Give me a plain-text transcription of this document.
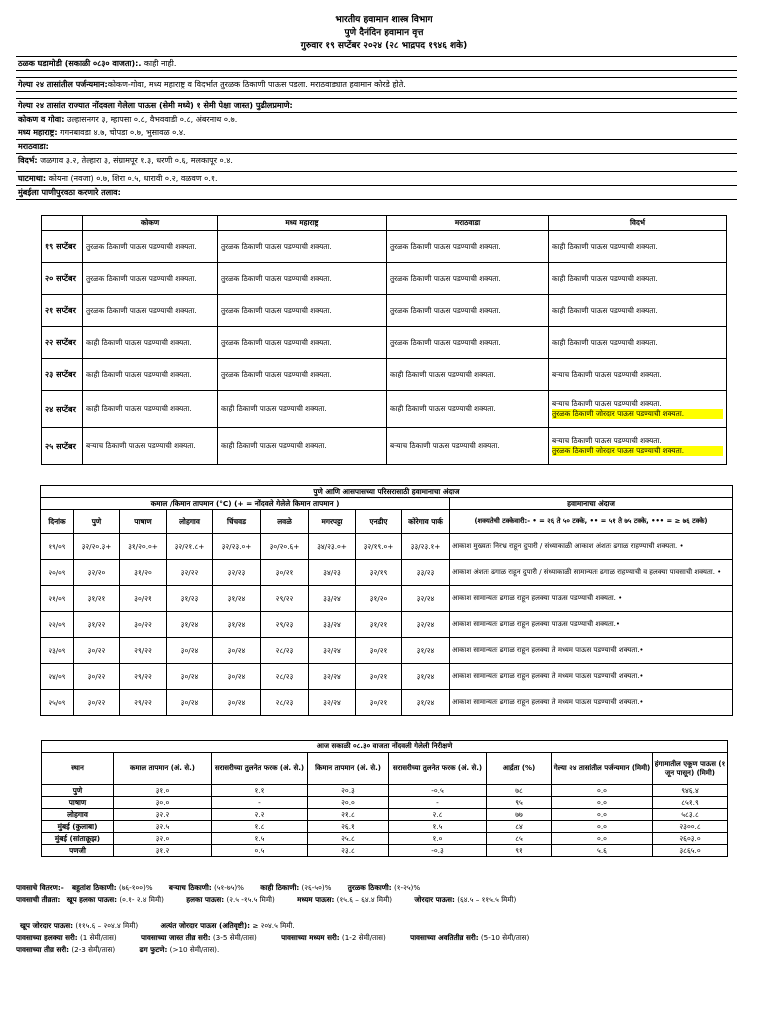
भारतीय हवामान शास्त्र विभाग
पुणे दैनंदिन हवामान वृत्त
गुरुवार १९ सप्टेंबर २०२४ (२८ भाद्रपद १९४६ शके)
ठळक घडामोडी (सकाळी ०८३० वाजता):. काही नाही.
गेल्या २४ तासांतील पर्जन्यमान:कोकण-गोवा, मध्य महाराष्ट्र व विदर्भात तुरळक ठिकाणी पाऊस पडला. मराठवाड्यात हवामान कोरडे होते.
गेल्या २४ तासांत राज्यात नोंदवला गेलेला पाऊस (सेमी मध्ये) १ सेमी पेक्षा जास्त) पुढीलप्रमाणे:
कोकण व गोवा: उल्हासनगर ३, म्हापसा ०.८, वैभववाडी ०.८, अंबरनाथ ०.७.
मध्य महाराष्ट्र: गगनबावडा ४.७, चोपडा ०.७, भुसावळ ०.४.
मराठवाडा:
विदर्भ: जळगाव ३.२, तेल्हारा ३, संग्रामपूर १.३, धरणी ०.६, मलकापूर ०.४.
घाटमाथा: कोयना (नवजा) ०.७, शिरा ०.५, धारावी ०.२, वळवण ०.१.
मुंबईला पाणीपुरवठा करणारे तलाव:
	कोकण	मध्य महाराष्ट्र	मराठवाडा	विदर्भ
१९ सप्टेंबर	तुरळक ठिकाणी पाऊस पडण्याची शक्यता.	तुरळक ठिकाणी पाऊस पडण्याची शक्यता.	तुरळक ठिकाणी पाऊस पडण्याची शक्यता.	काही ठिकाणी पाऊस पडण्याची शक्यता.

२० सप्टेंबर	तुरळक ठिकाणी पाऊस पडण्याची शक्यता.	तुरळक ठिकाणी पाऊस पडण्याची शक्यता.	तुरळक ठिकाणी पाऊस पडण्याची शक्यता.	काही ठिकाणी पाऊस पडण्याची शक्यता.

२१ सप्टेंबर	तुरळक ठिकाणी पाऊस पडण्याची शक्यता.	तुरळक ठिकाणी पाऊस पडण्याची शक्यता.	तुरळक ठिकाणी पाऊस पडण्याची शक्यता.	काही ठिकाणी पाऊस पडण्याची शक्यता.

२२ सप्टेंबर	काही ठिकाणी पाऊस पडण्याची शक्यता.	तुरळक ठिकाणी पाऊस पडण्याची शक्यता.	तुरळक ठिकाणी पाऊस पडण्याची शक्यता.	काही ठिकाणी पाऊस पडण्याची शक्यता.

२३ सप्टेंबर	काही ठिकाणी पाऊस पडण्याची शक्यता.	तुरळक ठिकाणी पाऊस पडण्याची शक्यता.	काही ठिकाणी पाऊस पडण्याची शक्यता.	बऱ्याच ठिकाणी पाऊस पडण्याची शक्यता.

२४ सप्टेंबर	काही ठिकाणी पाऊस पडण्याची शक्यता.	काही ठिकाणी पाऊस पडण्याची शक्यता.	काही ठिकाणी पाऊस पडण्याची शक्यता.	बऱ्याच ठिकाणी पाऊस पडण्याची शक्यता.
तुरळक ठिकाणी जोरदार पाऊस पडण्याची शक्यता.

२५ सप्टेंबर	बऱ्याच ठिकाणी पाऊस पडण्याची शक्यता.	काही ठिकाणी पाऊस पडण्याची शक्यता.	बऱ्याच ठिकाणी पाऊस पडण्याची शक्यता.	बऱ्याच ठिकाणी पाऊस पडण्याची शक्यता.
तुरळक ठिकाणी जोरदार पाऊस पडण्याची शक्यता.
पुणे आणि आसपासच्या परिसरासाठी हवामानाचा अंदाज									
कमाल /किमान तापमान (°C) (+ = नोंदवले गेलेले किमान तापमान )									हवामानाचा अंदाज
दिनांक	पुणे	पाषाण	लोहगाव	चिंचवड	लवळे	मगरपट्टा	एनडीए	कोरेगाव पार्क	(शक्यतेची टक्केवारी:- • = २६ ते ५० टक्के, •• = ५१ ते ७५ टक्के, ••• = ≥ ७६ टक्के)
१९/०९	३२/२०.३+	३१/२०.०+	३२/२१.८+	३२/२३.०+	३०/२०.६+	३४/२३.०+	३२/१९.०+	३३/२३.१+	आकाश मुख्यतः निरभ्र राहून दुपारी / संध्याकाळी आकाश अंशतः ढगाळ राहण्याची शक्यता. •
२०/०९	३२/२०	३१/२०	३२/२२	३२/२३	३०/२१	३४/२३	३२/१९	३३/२३	आकाश अंशतः ढगाळ राहून दुपारी / संध्याकाळी सामान्यतः ढगाळ राहण्याची व हलक्या पावसाची शक्यता. •
२१/०९	३१/२१	३०/२१	३१/२३	३१/२४	२९/२२	३३/२४	३१/२०	३२/२४	आकाश सामान्यतः ढगाळ राहून हलक्या पाऊस पडण्याची शक्यता. •
२२/०९	३१/२२	३०/२२	३१/२४	३१/२४	२९/२३	३३/२४	३१/२१	३२/२४	आकाश सामान्यतः ढगाळ राहून हलक्या पाऊस पडण्याची शक्यता.•
२३/०९	३०/२२	२९/२२	३०/२४	३०/२४	२८/२३	३२/२४	३०/२१	३१/२४	आकाश सामान्यतः ढगाळ राहून हलक्या ते मध्यम पाऊस पडण्याची शक्यता.•
२४/०९	३०/२२	२९/२२	३०/२४	३०/२४	२८/२३	३२/२४	३०/२१	३१/२४	आकाश सामान्यतः ढगाळ राहून हलक्या ते मध्यम पाऊस पडण्याची शक्यता.•
२५/०९	३०/२२	२९/२२	३०/२४	३०/२४	२८/२३	३२/२४	३०/२१	३१/२४	आकाश सामान्यतः ढगाळ राहून हलक्या ते मध्यम पाऊस पडण्याची शक्यता.•
आज सकाळी ०८.३० वाजता नोंदवली गेलेली निरीक्षणे							
स्थान	कमाल तापमान (अं. से.)	सरासरीच्या तुलनेत फरक (अं. से.)	किमान तापमान (अं. से.)	सरासरीच्या तुलनेत फरक (अं. से.)	आर्द्रता (%)	गेल्या २४ तासांतील पर्जन्यमान (मिमी)	हंगामातील एकूण पाऊस (१ जून पासून) (मिमी)
पुणे	३१.०	१.१	२०.३	-०.५	७८	०.०	९४६.४
पाषाण	३०.०	-	२०.०	-	९५	०.०	८५१.९
लोहगाव	३२.२	२.२	२१.८	२.८	७७	०.०	५८३.८
मुंबई (कुलाबा)	३२.५	१.८	२६.१	१.५	८४	०.०	२३००.८
मुंबई (सांताक्रूझ)	३२.०	१.५	२५.८	१.०	८५	०.०	२६०३.०
पणजी	३१.२	०.५	२३.८	-०.३	९१	५.६	३८६५.०
पावसाचे वितरण:- बहुतांश ठिकाणी: (७६-१००)% बऱ्याच ठिकाणी: (५१-७५)% काही ठिकाणी: (२६-५०)% तुरळक ठिकाणी: (१-२५)%
पावसाची तीव्रता: खूप हलका पाऊस: (०.१- २.४ मिमी)	हलका पाऊस: (२.५ -१५.५ मिमी)	मध्यम पाऊस: (१५.६ – ६४.४ मिमी)	जोरदार पाऊस: (६४.५ – ११५.५ मिमी)
खूप जोरदार पाऊस: (११५.६ – २०४.४ मिमी)	अत्यंत जोरदार पाऊस (अतिवृष्टी): ≥ २०४.५ मिमी.
पावसाच्या हलक्या सरी: (1 सेमी/तास)	पावसाच्या जास्त तीव्र सरी: (3-5 सेमी/तास)	पावसाच्या मध्यम सरी: (1-2 सेमी/तास)	पावसाच्या अवतितीव्र सरी: (5-10 सेमी/तास)
पावसाच्या तीव्र सरी: (2-3 सेमी/तास)	ढग फुटणे: (>10 सेमी/तास).
